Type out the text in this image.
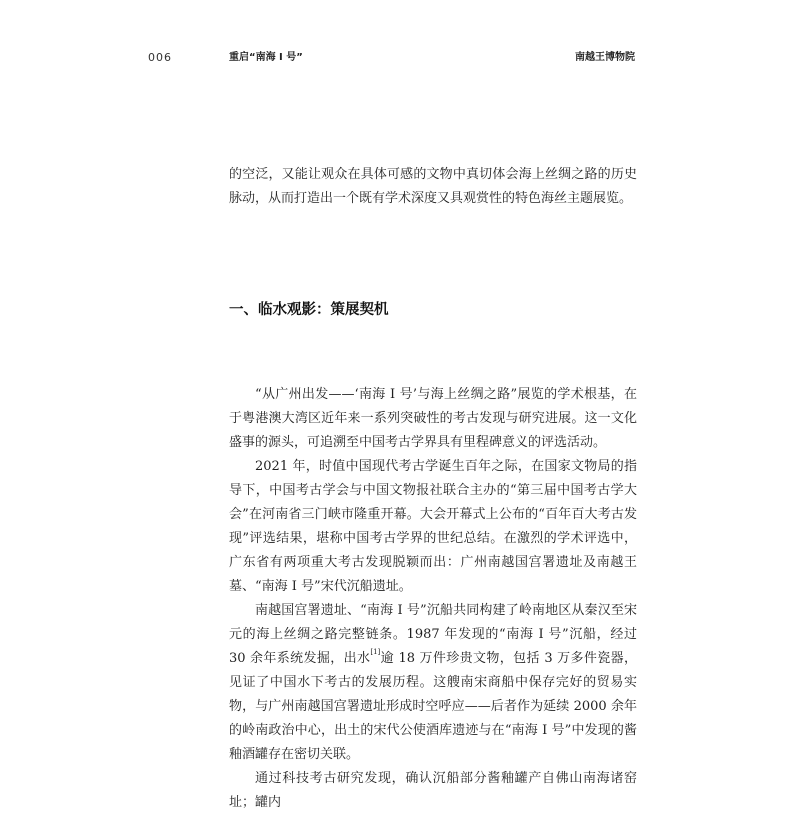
006	重启“南海 I 号”	南越王博物院

的空泛，又能让观众在具体可感的文物中真切体会海上丝绸之路的历史脉动，从而打造出一个既有学术深度又具观赏性的特色海丝主题展览。

一、临水观影：策展契机

“从广州出发——‘南海 I 号’与海上丝绸之路”展览的学术根基，在于粤港澳大湾区近年来一系列突破性的考古发现与研究进展。这一文化盛事的源头，可追溯至中国考古学界具有里程碑意义的评选活动。

2021 年，时值中国现代考古学诞生百年之际，在国家文物局的指导下，中国考古学会与中国文物报社联合主办的“第三届中国考古学大会”在河南省三门峡市隆重开幕。大会开幕式上公布的“百年百大考古发现”评选结果，堪称中国考古学界的世纪总结。在激烈的学术评选中，广东省有两项重大考古发现脱颖而出：广州南越国宫署遗址及南越王墓、“南海 I 号”宋代沉船遗址。

南越国宫署遗址、“南海 I 号”沉船共同构建了岭南地区从秦汉至宋元的海上丝绸之路完整链条。1987 年发现的“南海 I 号”沉船，经过 30 余年系统发掘，出水[1]逾 18 万件珍贵文物，包括 3 万多件瓷器，见证了中国水下考古的发展历程。这艘南宋商船中保存完好的贸易实物，与广州南越国宫署遗址形成时空呼应——后者作为延续 2000 余年的岭南政治中心，出土的宋代公使酒库遗迹与在“南海 I 号”中发现的酱釉酒罐存在密切关联。

通过科技考古研究发现，确认沉船部分酱釉罐产自佛山南海诸窑址；罐内
